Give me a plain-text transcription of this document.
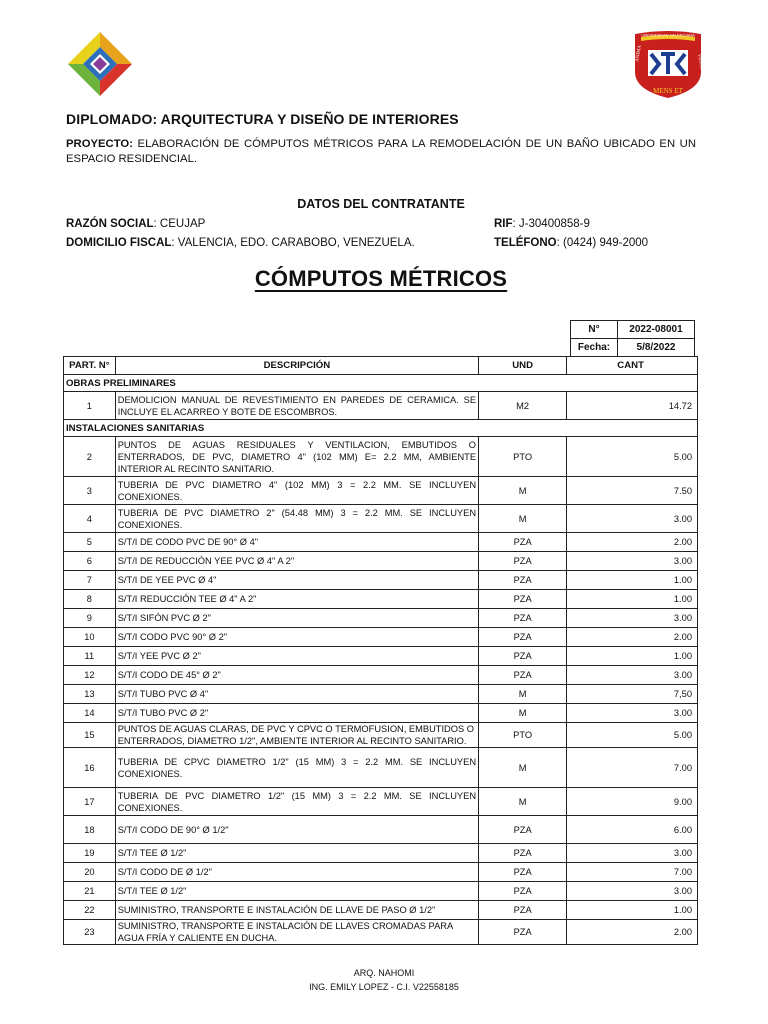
MENS ET
ANIMA	VIGOR
UNIVERSIDAD VALENCIANA
DIPLOMADO: ARQUITECTURA Y DISEÑO DE INTERIORES
PROYECTO: ELABORACIÓN DE CÓMPUTOS MÉTRICOS PARA LA REMODELACIÓN DE UN BAÑO UBICADO EN UN ESPACIO RESIDENCIAL.
DATOS DEL CONTRATANTE
RAZÓN SOCIAL: CEUJAP
DOMICILIO FISCAL: VALENCIA, EDO. CARABOBO, VENEZUELA.
RIF: J-30400858-9
TELÉFONO: (0424) 949-2000
CÓMPUTOS MÉTRICOS
N°	2022-08001
Fecha:	5/8/2022
PART. N°	DESCRIPCIÓN	UND	CANT
OBRAS PRELIMINARES			
1	DEMOLICION MANUAL DE REVESTIMIENTO EN PAREDES DE CERAMICA. SE INCLUYE EL ACARREO Y BOTE DE ESCOMBROS.	M2	14.72
INSTALACIONES SANITARIAS			
2	PUNTOS DE AGUAS RESIDUALES Y VENTILACION, EMBUTIDOS O ENTERRADOS, DE PVC, DIAMETRO 4" (102 MM) E= 2.2 MM, AMBIENTE INTERIOR AL RECINTO SANITARIO.	PTO	5.00
3	TUBERIA DE PVC DIAMETRO 4" (102 MM) 3 = 2.2 MM. SE INCLUYEN CONEXIONES.	M	7.50
4	TUBERIA DE PVC DIAMETRO 2" (54.48 MM) 3 = 2.2 MM. SE INCLUYEN CONEXIONES.	M	3.00
5	S/T/I DE CODO PVC DE 90° Ø 4"	PZA	2.00
6	S/T/I DE REDUCCIÓN YEE PVC Ø 4" A 2"	PZA	3.00
7	S/T/I DE YEE PVC Ø 4"	PZA	1.00
8	S/T/I REDUCCIÓN TEE Ø 4" A 2"	PZA	1.00
9	S/T/I SIFÓN PVC Ø 2"	PZA	3.00
10	S/T/I CODO PVC 90° Ø 2"	PZA	2.00
11	S/T/I YEE PVC Ø 2"	PZA	1.00
12	S/T/I CODO DE 45° Ø 2"	PZA	3.00
13	S/T/I TUBO PVC Ø 4"	M	7,50
14	S/T/I TUBO PVC Ø 2"	M	3.00
15	PUNTOS DE AGUAS CLARAS, DE PVC Y CPVC O TERMOFUSION, EMBUTIDOS O ENTERRADOS, DIAMETRO 1/2", AMBIENTE INTERIOR AL RECINTO SANITARIO.	PTO	5.00
16	TUBERIA DE CPVC DIAMETRO 1/2" (15 MM) 3 = 2.2 MM. SE INCLUYEN CONEXIONES.	M	7.00
17	TUBERIA DE PVC DIAMETRO 1/2" (15 MM) 3 = 2.2 MM. SE INCLUYEN CONEXIONES.	M	9.00
18	S/T/I CODO DE 90° Ø 1/2"	PZA	6.00
19	S/T/I TEE Ø 1/2"	PZA	3.00
20	S/T/I CODO DE Ø 1/2"	PZA	7.00
21	S/T/I TEE Ø 1/2"	PZA	3.00
22	SUMINISTRO, TRANSPORTE E INSTALACIÓN DE LLAVE DE PASO Ø 1/2"	PZA	1.00
23	SUMINISTRO, TRANSPORTE E INSTALACIÓN DE LLAVES CROMADAS PARA AGUA FRÍA Y CALIENTE EN DUCHA.	PZA	2.00
ARQ. NAHOMI
ING. EMILY LOPEZ - C.I. V22558185
